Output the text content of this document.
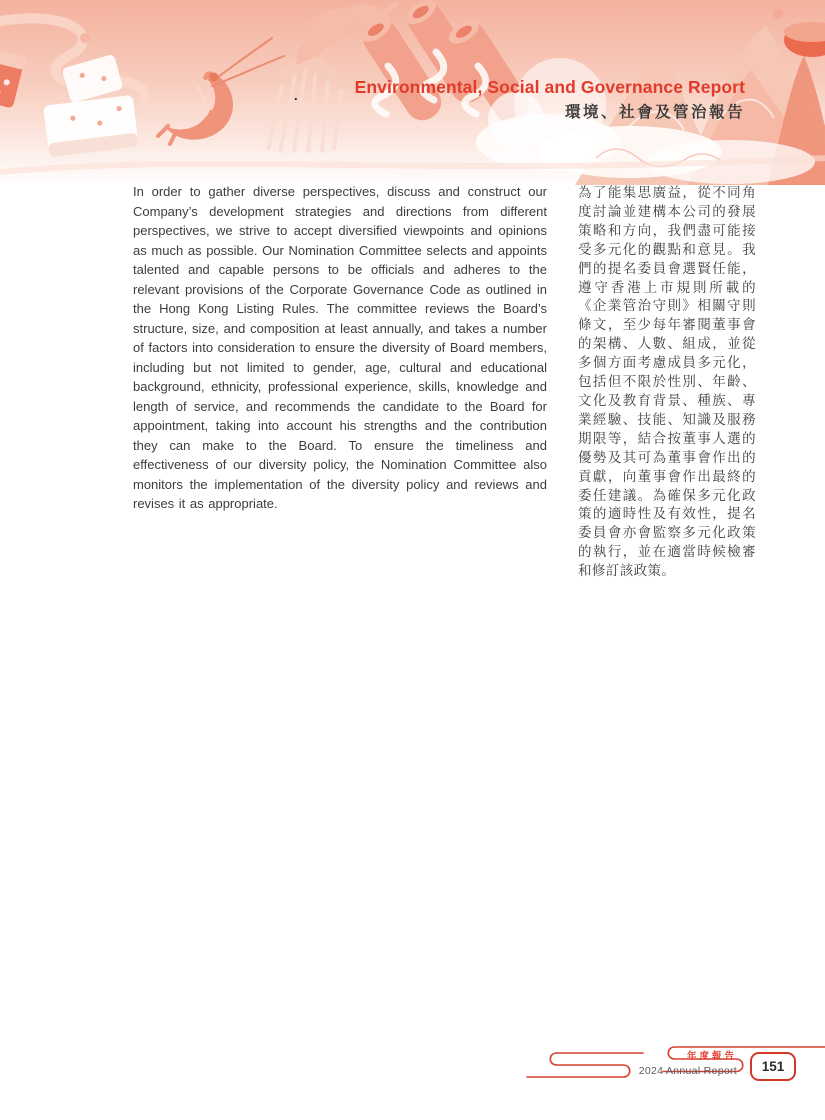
Environmental, Social and Governance Report
環境、社會及管治報告
.
In order to gather diverse perspectives, discuss and construct our Company’s development strategies and directions from different perspectives, we strive to accept diversified viewpoints and opinions as much as possible. Our Nomination Committee selects and appoints talented and capable persons to be officials and adheres to the relevant provisions of the Corporate Governance Code as outlined in the Hong Kong Listing Rules. The committee reviews the Board’s structure, size, and composition at least annually, and takes a number of factors into consideration to ensure the diversity of Board members, including but not limited to gender, age, cultural and educational background, ethnicity, professional experience, skills, knowledge and length of service, and recommends the candidate to the Board for appointment, taking into account his strengths and the contribution they can make to the Board. To ensure the timeliness and effectiveness of our diversity policy, the Nomination Committee also monitors the implementation of the diversity policy and reviews and revises it as appropriate.
為了能集思廣益，從不同角度討論並建構本公司的發展策略和方向，我們盡可能接受多元化的觀點和意見。我們的提名委員會選賢任能，遵守香港上市規則所載的《企業管治守則》相關守則條文，至少每年審閱董事會的架構、人數、組成，並從多個方面考慮成員多元化，包括但不限於性別、年齡、文化及教育背景、種族、專業經驗、技能、知識及服務期限等，結合按董事人選的優勢及其可為董事會作出的貢獻，向董事會作出最終的委任建議。為確保多元化政策的適時性及有效性，提名委員會亦會監察多元化政策的執行，並在適當時候檢審和修訂該政策。
年度報告
2024 Annual Report	151
